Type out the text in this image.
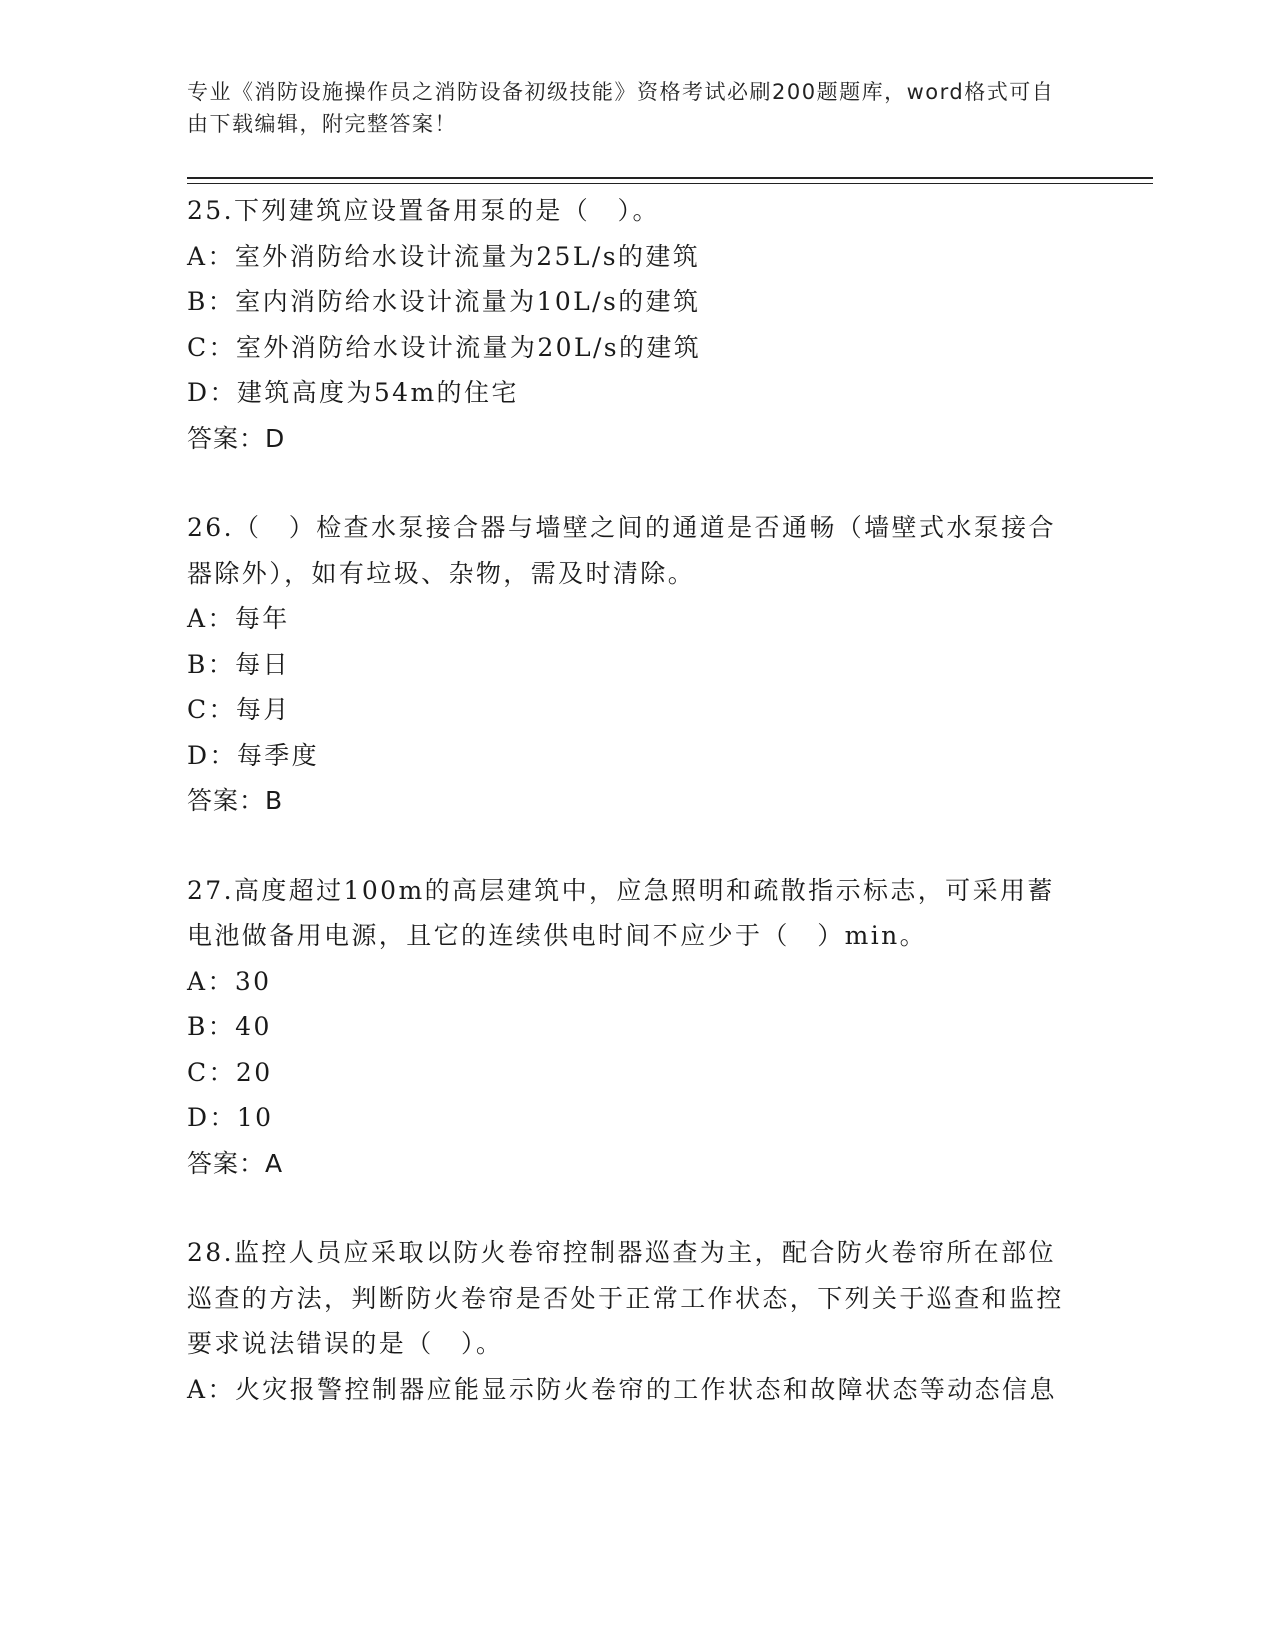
专业《消防设施操作员之消防设备初级技能》资格考试必刷200题题库，word格式可自由下载编辑，附完整答案！
25.下列建筑应设置备用泵的是（　）。
A：室外消防给水设计流量为25L/s的建筑
B：室内消防给水设计流量为10L/s的建筑
C：室外消防给水设计流量为20L/s的建筑
D：建筑高度为54m的住宅
答案：D
26.（　）检查水泵接合器与墙壁之间的通道是否通畅（墙壁式水泵接合器除外），如有垃圾、杂物，需及时清除。
A：每年
B：每日
C：每月
D：每季度
答案：B
27.高度超过100m的高层建筑中，应急照明和疏散指示标志，可采用蓄电池做备用电源，且它的连续供电时间不应少于（　）min。
A：30
B：40
C：20
D：10
答案：A
28.监控人员应采取以防火卷帘控制器巡查为主，配合防火卷帘所在部位巡查的方法，判断防火卷帘是否处于正常工作状态，下列关于巡查和监控要求说法错误的是（　）。
A：火灾报警控制器应能显示防火卷帘的工作状态和故障状态等动态信息
